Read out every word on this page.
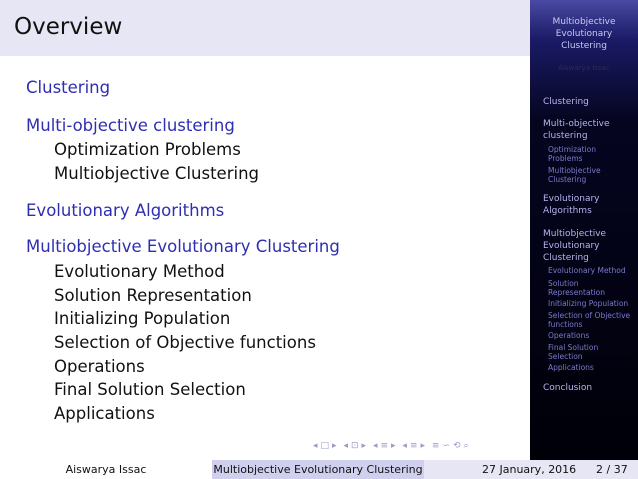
Overview
Clustering
Multi-objective clustering
Optimization Problems
Multiobjective Clustering
Evolutionary Algorithms
Multiobjective Evolutionary Clustering
Evolutionary Method
Solution Representation
Initializing Population
Selection of Objective functions
Operations
Final Solution Selection
Applications
◂ □ ▸ ◂ ⊡ ▸ ◂ ≡ ▸ ◂ ≡ ▸ ≡ ∽ ⟲ ⌕
Multiobjective
Evolutionary
Clustering
Aiswarya Issac
Clustering
Multi-objective
clustering
Optimization
Problems
Multiobjective
Clustering
Evolutionary
Algorithms
Multiobjective
Evolutionary
Clustering
Evolutionary Method
Solution
Representation
Initializing Population
Selection of Objective
functions
Operations
Final Solution
Selection
Applications
Conclusion
Aiswarya Issac	Multiobjective Evolutionary Clustering	27 January, 2016 2 / 37
